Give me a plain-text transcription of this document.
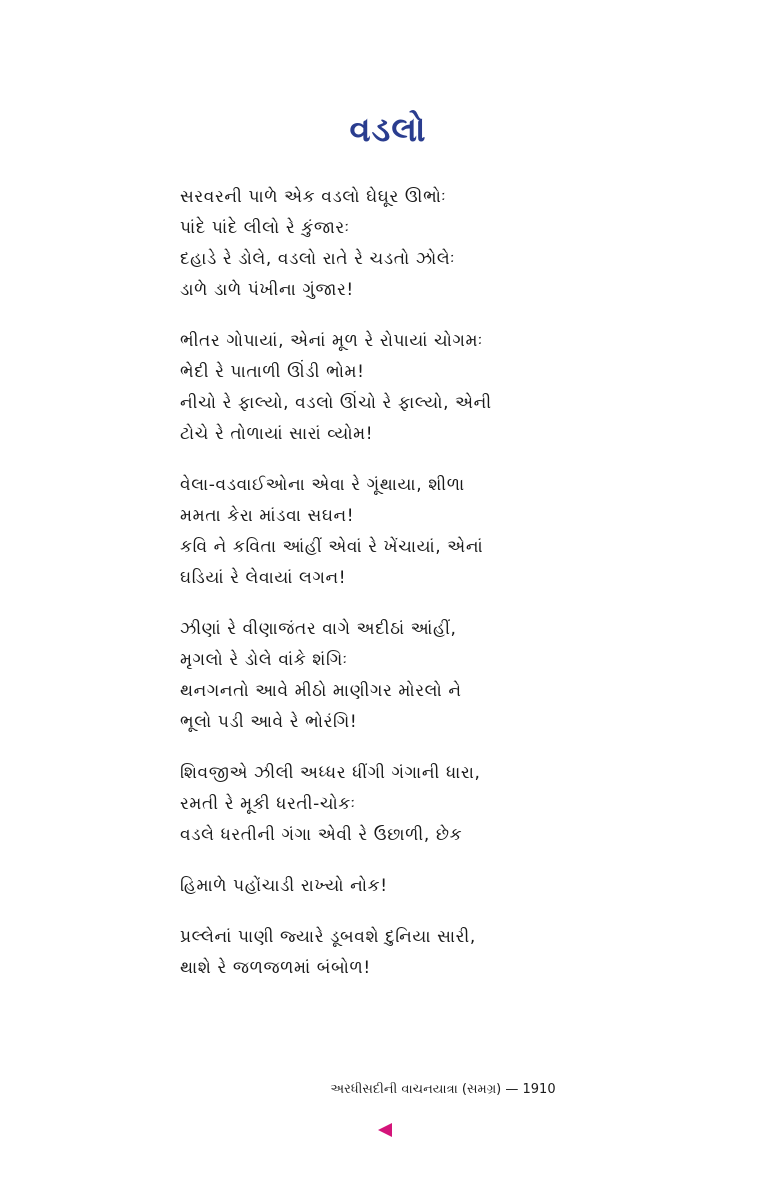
વડલો
સરવરની પાળે એક વડલો ઘેઘૂર ઊભોઃ
પાંદે પાંદે લીલો રે કુંજારઃ
દહાડે રે ડોલે, વડલો રાતે રે ચડતો ઝોલેઃ
ડાળે ડાળે પંખીના ગુંજાર!
ભીતર ગોપાયાં, એનાં મૂળ રે રોપાયાં ચોગમઃ
ભેદી રે પાતાળી ઊંડી ભોમ!
નીચો રે ફાલ્યો, વડલો ઊંચો રે ફાલ્યો, એની
ટોચે રે તોળાયાં સારાં વ્યોમ!
વેલા-વડવાઈઓના એવા રે ગૂંથાયા, શીળા
મમતા કેરા માંડવા સઘન!
કવિ ને કવિતા આંહીં એવાં રે ખેંચાયાં, એનાં
ઘડિયાં રે લેવાયાં લગન!
ઝીણાં રે વીણાજંતર વાગે અદીઠાં આંહીં,
મૃગલો રે ડોલે વાંકે શંગિઃ
થનગનતો આવે મીઠો માણીગર મોરલો ને
ભૂલો પડી આવે રે ભોરંગિ!
શિવજીએ ઝીલી અધ્ધર ધીંગી ગંગાની ધારા,
રમતી રે મૂકી ધરતી-ચોકઃ
વડલે ધરતીની ગંગા એવી રે ઉછાળી, છેક
હિમાળે પહોંચાડી રાખ્યો નોક!
પ્રલ્લેનાં પાણી જ્યારે ડૂબવશે દુનિયા સારી,
થાશે રે જળજળમાં બંબોળ!
અરધીસદીની વાચનયાત્રા (સમગ્ર) — 1910
